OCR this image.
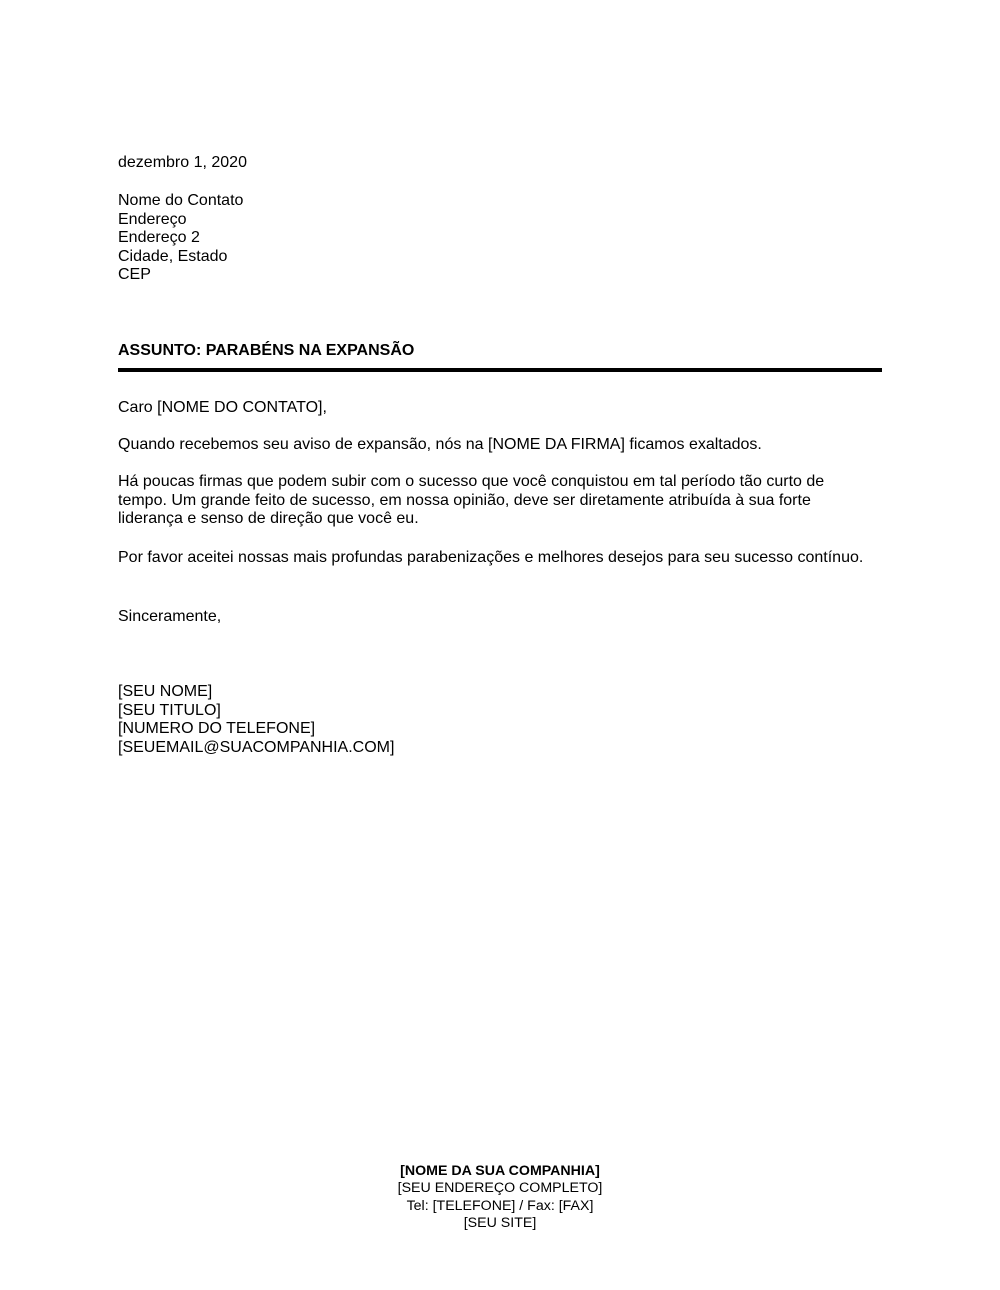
dezembro 1, 2020
Nome do Contato
Endereço
Endereço 2
Cidade, Estado
CEP
ASSUNTO: PARABÉNS NA EXPANSÃO
Caro [NOME DO CONTATO],
Quando recebemos seu aviso de expansão, nós na [NOME DA FIRMA] ficamos exaltados.
Há poucas firmas que podem subir com o sucesso que você conquistou em tal período tão curto de
tempo. Um grande feito de sucesso, em nossa opinião, deve ser diretamente atribuída à sua forte
liderança e senso de direção que você eu.
Por favor aceitei nossas mais profundas parabenizações e melhores desejos para seu sucesso contínuo.
Sinceramente,
[SEU NOME]
[SEU TITULO]
[NUMERO DO TELEFONE]
[SEUEMAIL@SUACOMPANHIA.COM]
[NOME DA SUA COMPANHIA]
[SEU ENDEREÇO COMPLETO]
Tel: [TELEFONE] / Fax: [FAX]
[SEU SITE]
